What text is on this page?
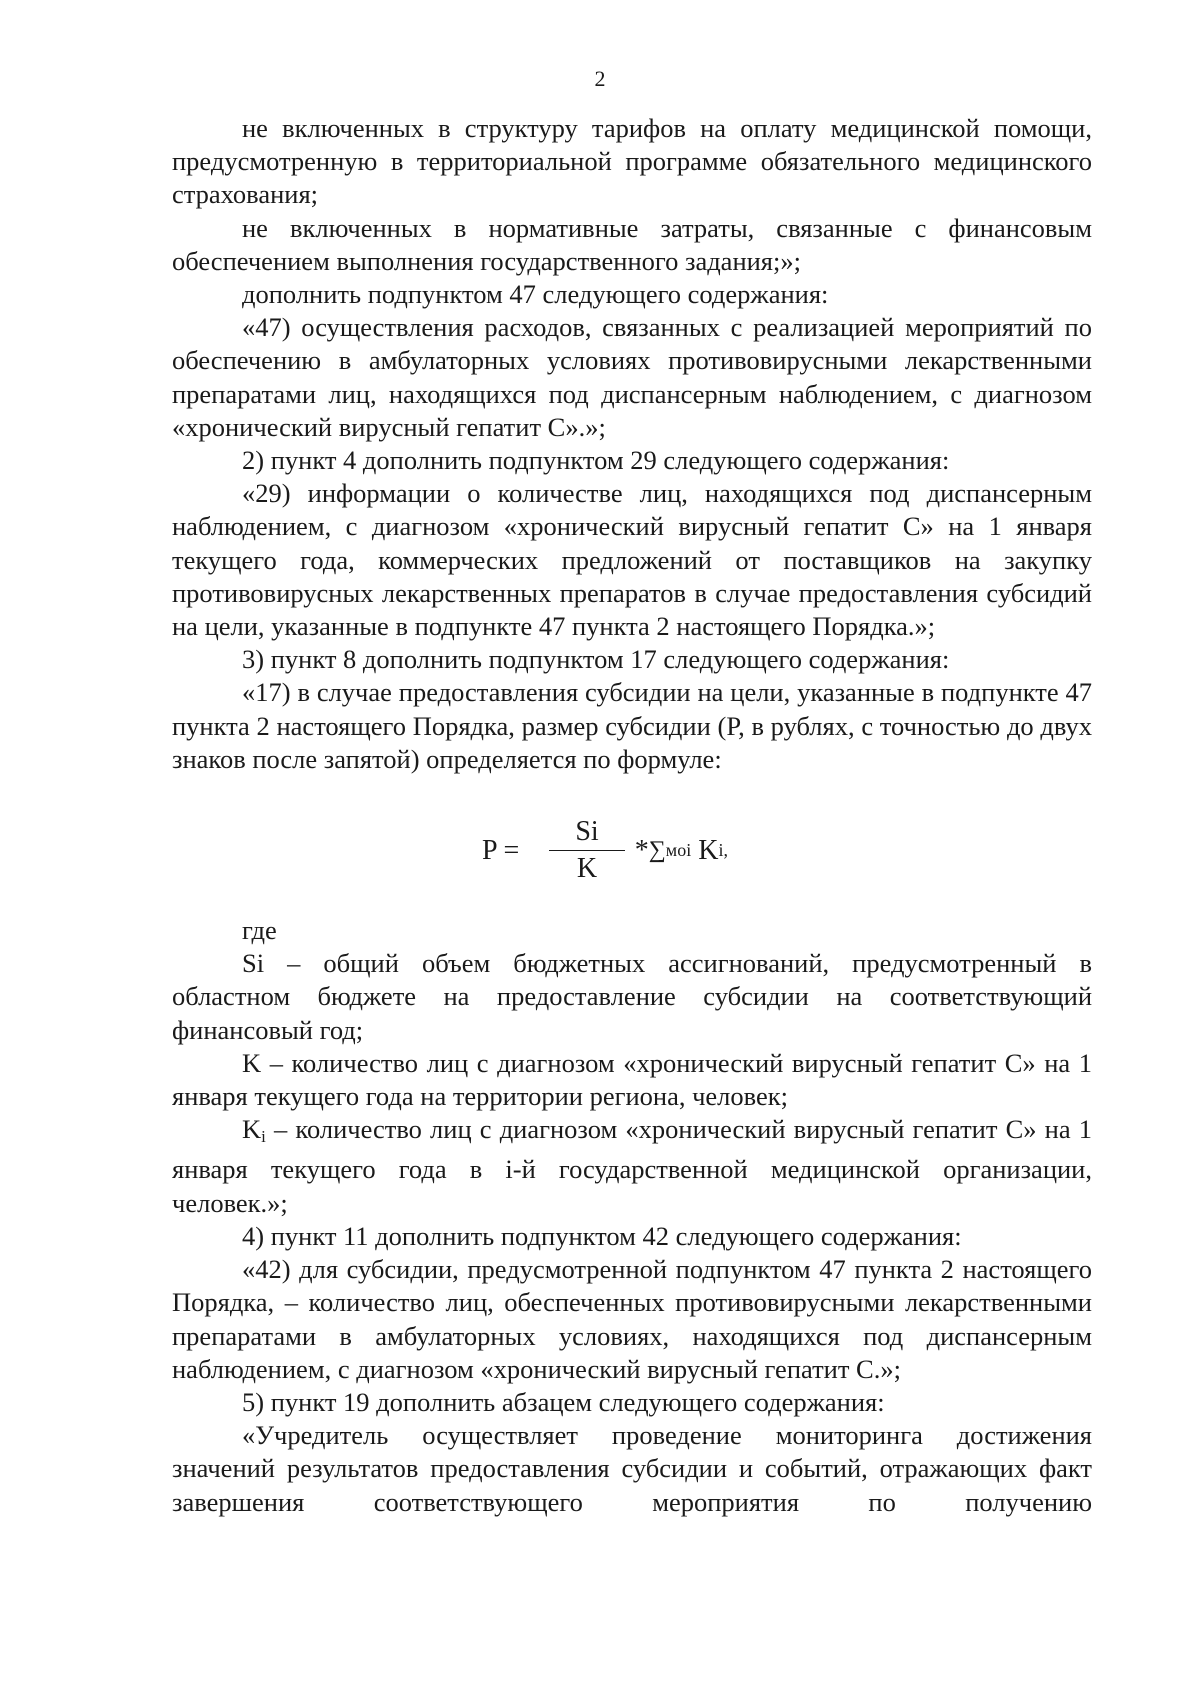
2

не включенных в структуру тарифов на оплату медицинской помощи, предусмотренную в территориальной программе обязательного медицинского страхования;

не включенных в нормативные затраты, связанные с финансовым обеспечением выполнения государственного задания;»;

дополнить подпунктом 47 следующего содержания:

«47) осуществления расходов, связанных с реализацией мероприятий по обеспечению в амбулаторных условиях противовирусными лекарственными препаратами лиц, находящихся под диспансерным наблюдением, с диагнозом «хронический вирусный гепатит С».»;

2) пункт 4 дополнить подпунктом 29 следующего содержания:

«29) информации о количестве лиц, находящихся под диспансерным наблюдением, с диагнозом «хронический вирусный гепатит С» на 1 января текущего года, коммерческих предложений от поставщиков на закупку противовирусных лекарственных препаратов в случае предоставления субсидий на цели, указанные в подпункте 47 пункта 2 настоящего Порядка.»;

3) пункт 8 дополнить подпунктом 17 следующего содержания:

«17) в случае предоставления субсидии на цели, указанные в подпункте 47 пункта 2 настоящего Порядка, размер субсидии (P, в рублях, с точностью до двух знаков после запятой) определяется по формуле:

$P = \frac{Si}{K}$ * ∑ мoi
K i,

где

Si – общий объем бюджетных ассигнований, предусмотренный в областном бюджете на предоставление субсидии на соответствующий финансовый год;

K – количество лиц с диагнозом «хронический вирусный гепатит С» на 1 января текущего года на территории региона, человек;

$K_i$ – количество лиц с диагнозом «хронический вирусный гепатит С» на 1 января текущего года в i-й государственной медицинской организации, человек.»;

4) пункт 11 дополнить подпунктом 42 следующего содержания:

«42) для субсидии, предусмотренной подпунктом 47 пункта 2 настоящего Порядка, – количество лиц, обеспеченных противовирусными лекарственными препаратами в амбулаторных условиях, находящихся под диспансерным наблюдением, с диагнозом «хронический вирусный гепатит С.»;

5) пункт 19 дополнить абзацем следующего содержания:

«Учредитель осуществляет проведение мониторинга достижения значений результатов предоставления субсидии и событий, отражающих факт завершения соответствующего мероприятия по получению
